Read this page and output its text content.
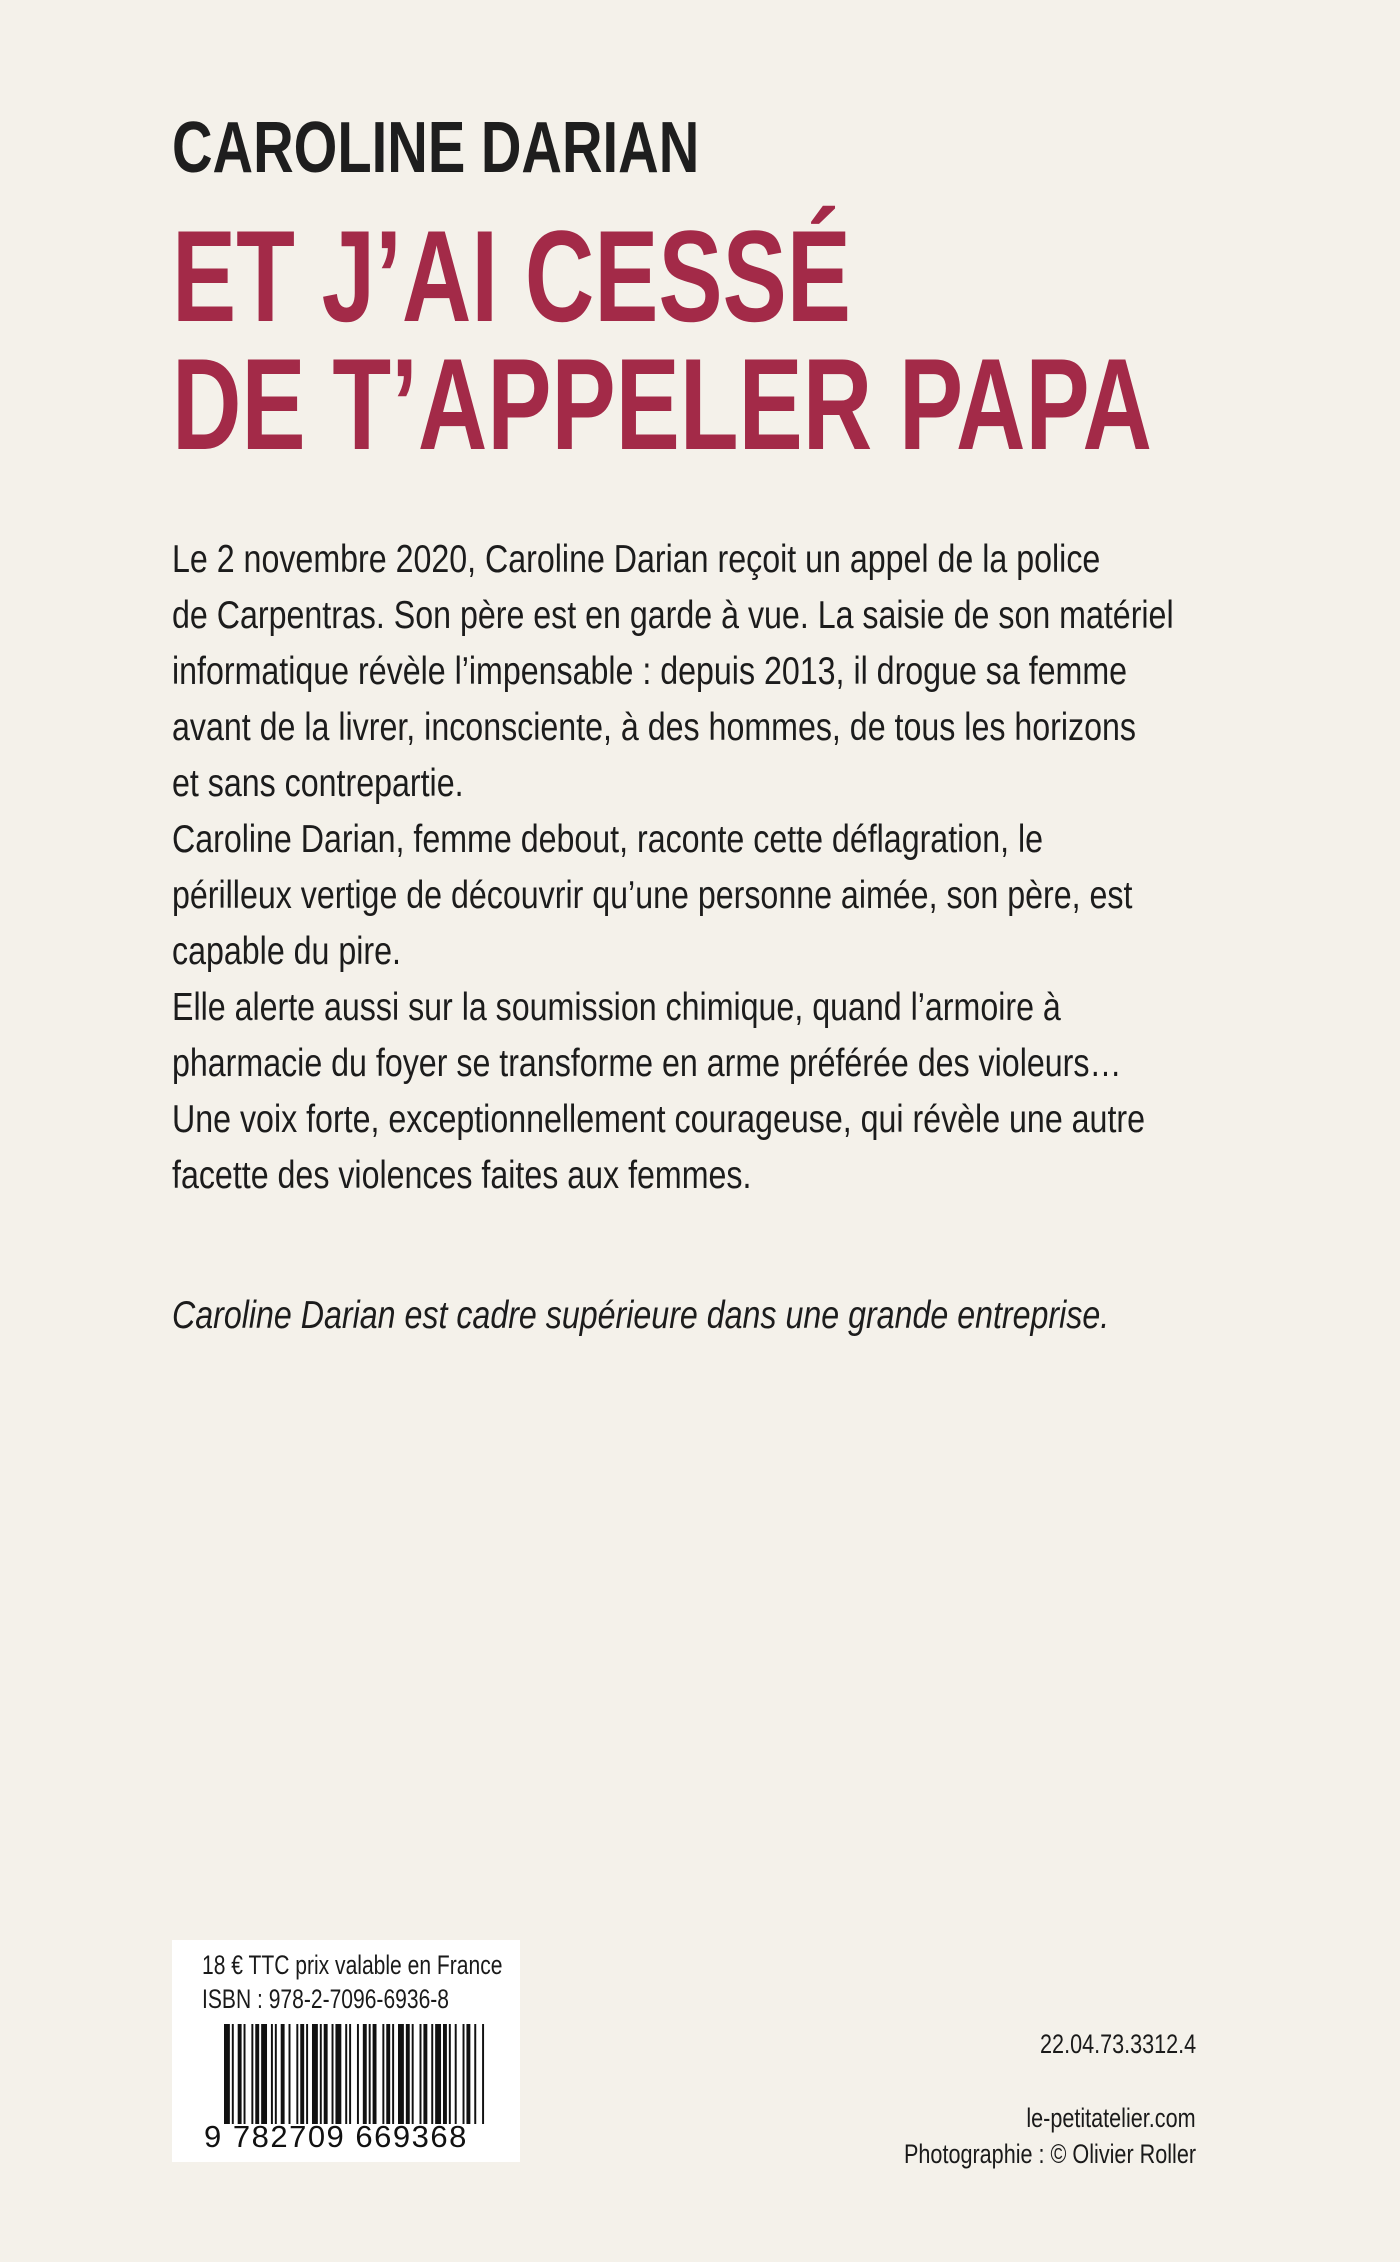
CAROLINE DARIAN
ET J’AI CESSÉ
DE T’APPELER PAPA
Le 2 novembre 2020, Caroline Darian reçoit un appel de la police
de Carpentras. Son père est en garde à vue. La saisie de son matériel
informatique révèle l’impensable : depuis 2013, il drogue sa femme
avant de la livrer, inconsciente, à des hommes, de tous les horizons
et sans contrepartie.
Caroline Darian, femme debout, raconte cette déflagration, le
périlleux vertige de découvrir qu’une personne aimée, son père, est
capable du pire.
Elle alerte aussi sur la soumission chimique, quand l’armoire à
pharmacie du foyer se transforme en arme préférée des violeurs…
Une voix forte, exceptionnellement courageuse, qui révèle une autre
facette des violences faites aux femmes.
Caroline Darian est cadre supérieure dans une grande entreprise.
18 € TTC prix valable en France
ISBN : 978-2-7096-6936-8
9 782709 669368
22.04.73.3312.4
le-petitatelier.com
Photographie : © Olivier Roller
